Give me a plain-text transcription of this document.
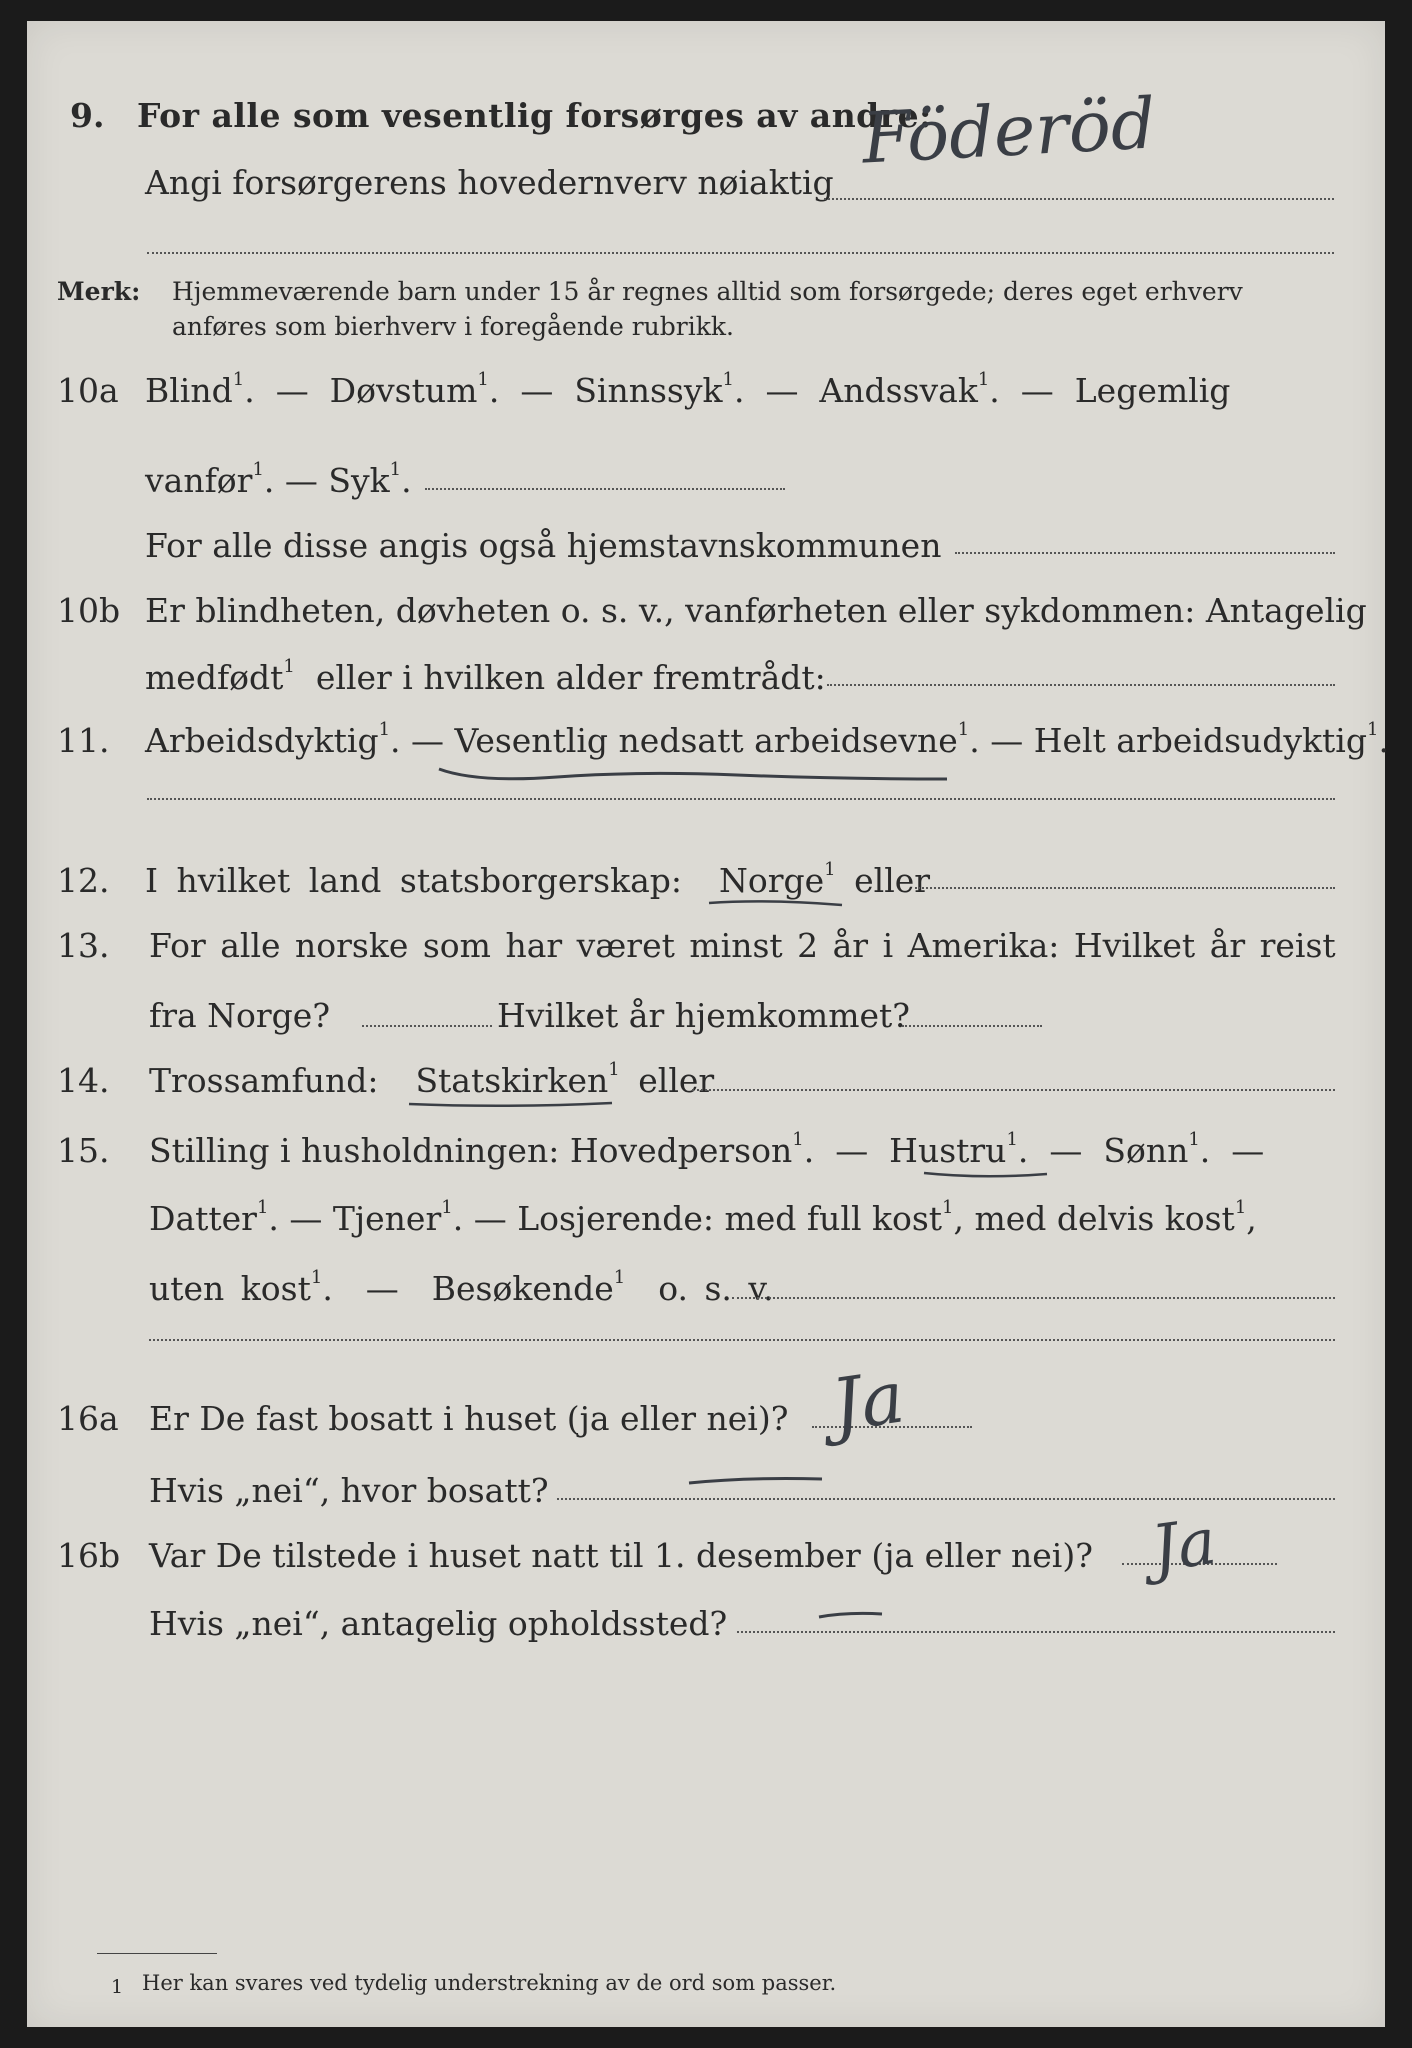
9. For alle som vesentlig forsørges av andre:
Angi forsørgerens hovedernverv nøiaktig
Föderöd
Merk: Hjemmeværende barn under 15 år regnes alltid som forsørgede; deres eget erhverv
anføres som bierhverv i foregående rubrikk.
10a Blind$^1$.  — Døvstum$^1$.  — Sinnssyk$^1$.  — Andssvak$^1$.  — Legemlig
vanfør$^1$. — Syk$^1$.
For alle disse angis også hjemstavnskommunen
10b Er blindheten, døvheten o. s. v., vanførheten eller sykdommen: Antagelig
medfødt$^1$ eller i hvilken alder fremtrådt:
11. Arbeidsdyktig$^1$. — Vesentlig nedsatt arbeidsevne$^1$. — Helt arbeidsudyktig$^1$.
12. I hvilket land statsborgerskap: Norge$^1$ eller
13. For alle norske som har været minst 2 år i Amerika: Hvilket år reist
fra Norge?	Hvilket år hjemkommet?
14. Trossamfund: Statskirken$^1$ eller
15. Stilling i husholdningen: Hovedperson$^1$.  — Hustru$^1$.  — Sønn$^1$.  —
Datter$^1$. — Tjener$^1$. — Losjerende: med full kost$^1$, med delvis kost$^1$,
uten kost$^1$.  — Besøkende$^1$ o. s. v.
16a Er De fast bosatt i huset (ja eller nei)? Ja
Hvis „nei“, hvor bosatt?
16b Var De tilstede i huset natt til 1. desember (ja eller nei)? Ja
Hvis „nei“, antagelig opholdssted?
1 Her kan svares ved tydelig understrekning av de ord som passer.
